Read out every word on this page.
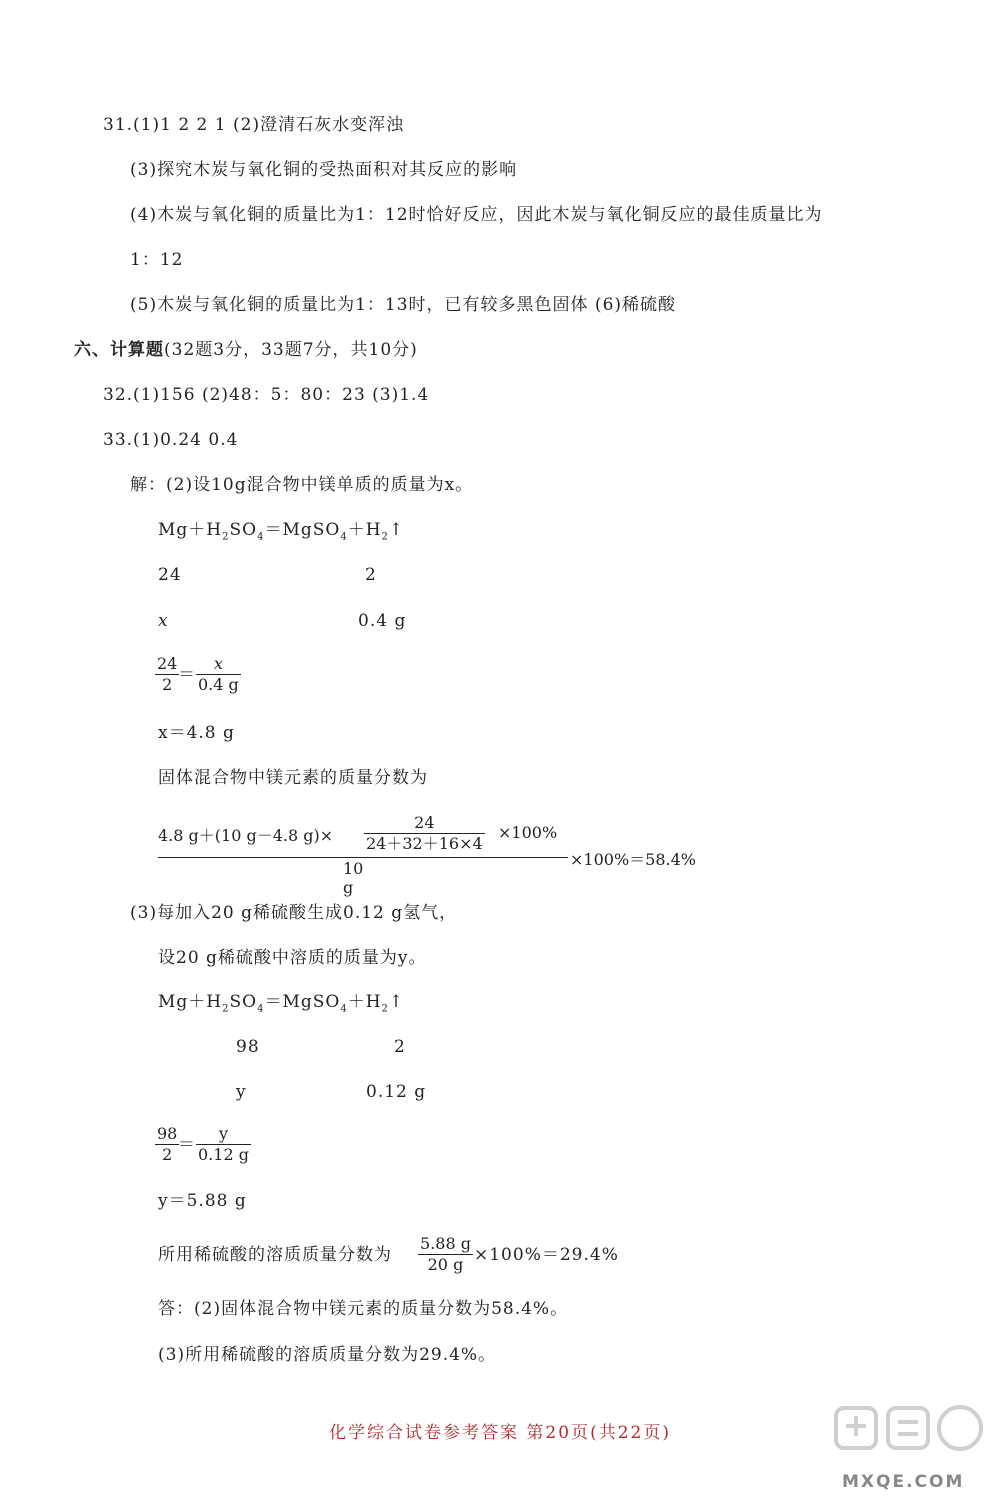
31.(1)1 2 2 1 (2)澄清石灰水变浑浊
(3)探究木炭与氧化铜的受热面积对其反应的影响
(4)木炭与氧化铜的质量比为1：12时恰好反应，因此木炭与氧化铜反应的最佳质量比为
1：12
(5)木炭与氧化铜的质量比为1：13时，已有较多黑色固体 (6)稀硫酸
六、计算题(32题3分，33题7分，共10分)
32.(1)156 (2)48：5：80：23 (3)1.4
33.(1)0.24 0.4
解：(2)设10g混合物中镁单质的质量为x。
$Mg+H_2SO_4=MgSO_4+H_2↑$
24	2
x	0.4 g
$\frac{24}{2}$
＝ $\frac{x}{0.4 g}$
x＝4.8 g
固体混合物中镁元素的质量分数为
4.8 g＋(10 g－4.8 $g)\times \frac{24}{24+32+16\times 4} \times 100\%$
10 g
×100%＝58.4%
(3)每加入20 g稀硫酸生成0.12 g氢气，
设20 g稀硫酸中溶质的质量为y。
$Mg+H_2SO_4=MgSO_4+H_2↑$
98	2
y	0.12 g
$\frac{98}{2}$
＝ $\frac{y}{0.12 g}$
y＝5.88 g
所用稀硫酸的溶质质量分数为 $\frac{5.88 g}{20 g} \times 100\%=29.4\%$
答：(2)固体混合物中镁元素的质量分数为58.4%。
(3)所用稀硫酸的溶质质量分数为29.4%。
化学综合试卷参考答案 第20页(共22页)
MXQE.COM
